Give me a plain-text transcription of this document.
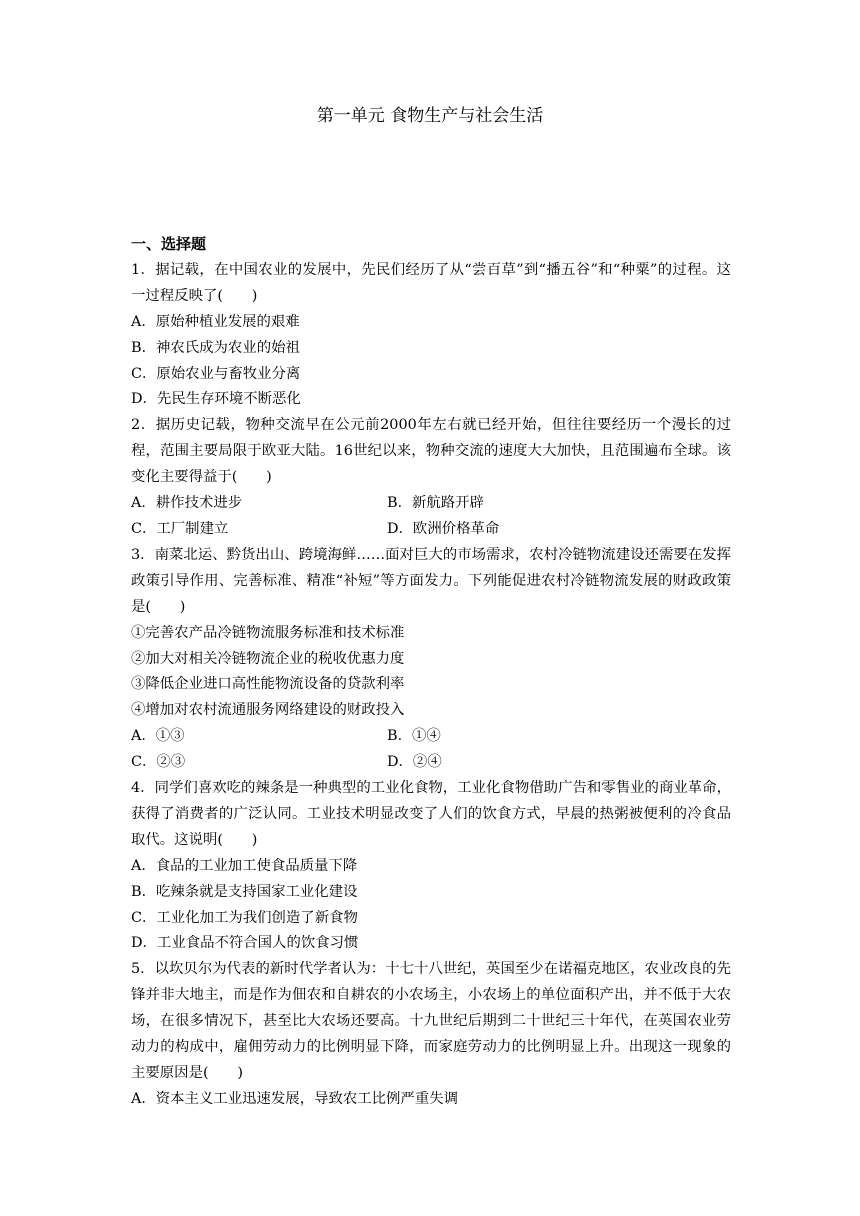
第一单元 食物生产与社会生活
一、选择题

1．据记载，在中国农业的发展中，先民们经历了从“尝百草”到“播五谷”和“种粟”的过程。这一过程反映了(　　)

A．原始种植业发展的艰难

B．神农氏成为农业的始祖

C．原始农业与畜牧业分离

D．先民生存环境不断恶化

2．据历史记载，物种交流早在公元前2000年左右就已经开始，但往往要经历一个漫长的过程，范围主要局限于欧亚大陆。16世纪以来，物种交流的速度大大加快，且范围遍布全球。该变化主要得益于(　　)

A．耕作技术进步	B．新航路开辟

C．工厂制建立	D．欧洲价格革命

3．南菜北运、黔货出山、跨境海鲜……面对巨大的市场需求，农村冷链物流建设还需要在发挥政策引导作用、完善标准、精准“补短”等方面发力。下列能促进农村冷链物流发展的财政政策是(　　)

①完善农产品冷链物流服务标准和技术标准

②加大对相关冷链物流企业的税收优惠力度

③降低企业进口高性能物流设备的贷款利率

④增加对农村流通服务网络建设的财政投入

A．①③	B．①④

C．②③	D．②④

4．同学们喜欢吃的辣条是一种典型的工业化食物，工业化食物借助广告和零售业的商业革命，获得了消费者的广泛认同。工业技术明显改变了人们的饮食方式，早晨的热粥被便利的冷食品取代。这说明(　　)

A．食品的工业加工使食品质量下降

B．吃辣条就是支持国家工业化建设

C．工业化加工为我们创造了新食物

D．工业食品不符合国人的饮食习惯

5．以坎贝尔为代表的新时代学者认为：十七十八世纪，英国至少在诺福克地区，农业改良的先锋并非大地主，而是作为佃农和自耕农的小农场主，小农场上的单位面积产出，并不低于大农场，在很多情况下，甚至比大农场还要高。十九世纪后期到二十世纪三十年代，在英国农业劳动力的构成中，雇佣劳动力的比例明显下降，而家庭劳动力的比例明显上升。出现这一现象的主要原因是(　　)

A．资本主义工业迅速发展，导致农工比例严重失调
